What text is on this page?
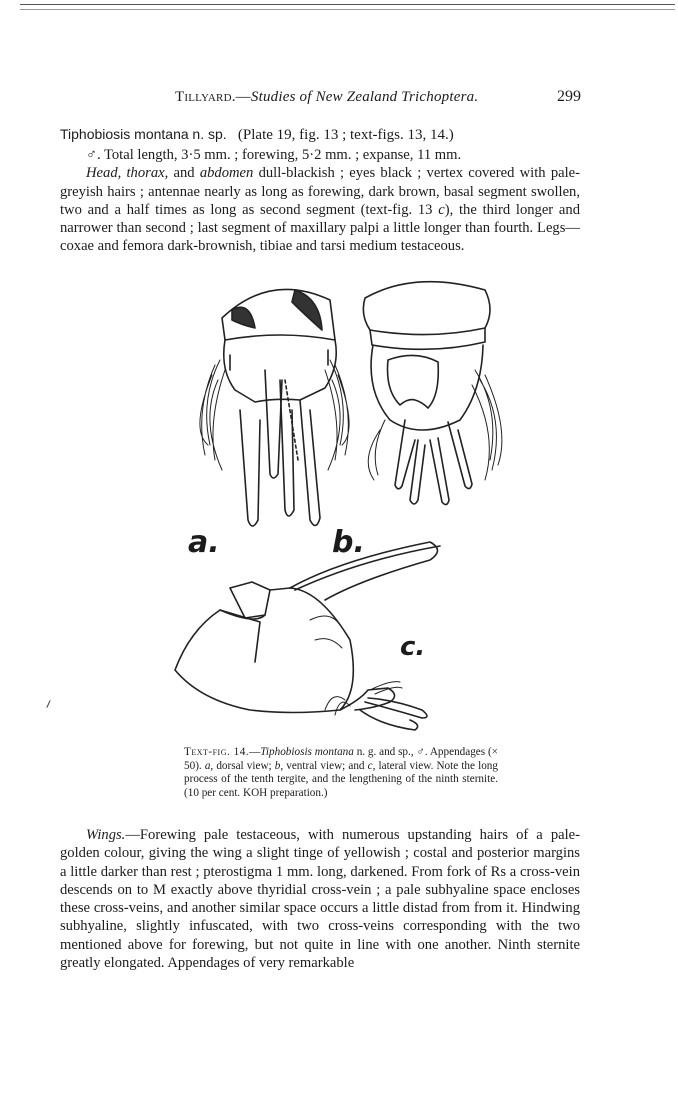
Tillyard.—Studies of New Zealand Trichoptera.	299
Tiphobiosis montana n. sp. (Plate 19, fig. 13 ; text-figs. 13, 14.)

♂. Total length, 3·5 mm. ; forewing, 5·2 mm. ; expanse, 11 mm.

Head, thorax, and abdomen dull-blackish ; eyes black ; vertex covered with pale-greyish hairs ; antennae nearly as long as forewing, dark brown, basal segment swollen, two and a half times as long as second segment (text-fig. 13 c), the third longer and narrower than second ; last segment of maxillary palpi a little longer than fourth. Legs—coxae and femora dark-brownish, tibiae and tarsi medium testaceous.

a.	b.
c.

Text-fig. 14.—Tiphobiosis montana n. g. and sp., ♂. Appendages (× 50). a, dorsal view; b, ventral view; and c, lateral view. Note the long process of the tenth tergite, and the lengthening of the ninth sternite. (10 per cent. KOH preparation.)

Wings.—Forewing pale testaceous, with numerous upstanding hairs of a pale-golden colour, giving the wing a slight tinge of yellowish ; costal and posterior margins a little darker than rest ; pterostigma 1 mm. long, darkened. From fork of Rs a cross-vein descends on to M exactly above thyridial cross-vein ; a pale subhyaline space encloses these cross-veins, and another similar space occurs a little distad from from it. Hindwing subhyaline, slightly infuscated, with two cross-veins corresponding with the two mentioned above for forewing, but not quite in line with one another. Ninth sternite greatly elongated. Appendages of very remarkable
